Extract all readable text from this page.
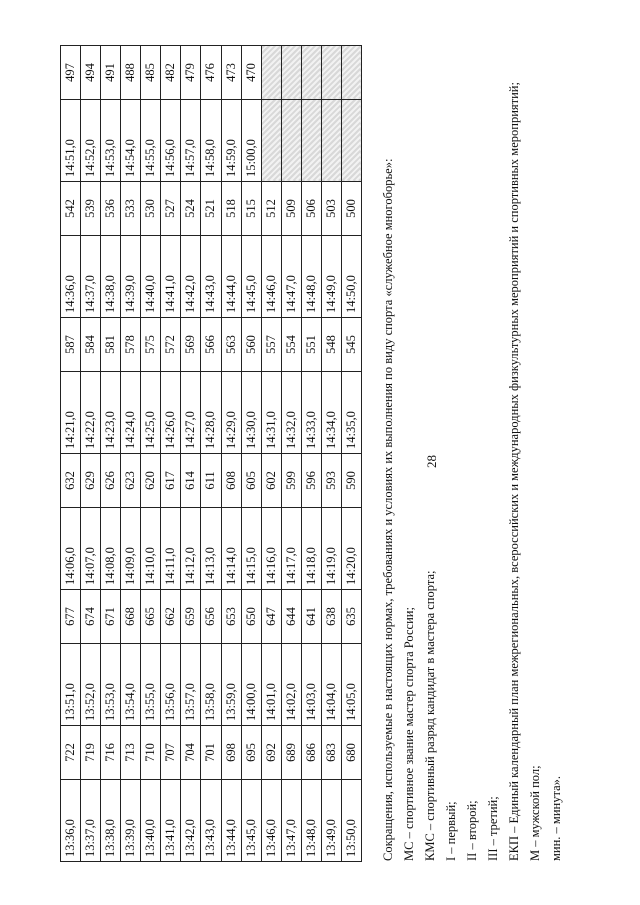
28
13:36,0	722	13:51,0	677	14:06,0	632	14:21,0	587	14:36,0	542	14:51,0	497
13:37,0	719	13:52,0	674	14:07,0	629	14:22,0	584	14:37,0	539	14:52,0	494
13:38,0	716	13:53,0	671	14:08,0	626	14:23,0	581	14:38,0	536	14:53,0	491
13:39,0	713	13:54,0	668	14:09,0	623	14:24,0	578	14:39,0	533	14:54,0	488
13:40,0	710	13:55,0	665	14:10,0	620	14:25,0	575	14:40,0	530	14:55,0	485
13:41,0	707	13:56,0	662	14:11,0	617	14:26,0	572	14:41,0	527	14:56,0	482
13:42,0	704	13:57,0	659	14:12,0	614	14:27,0	569	14:42,0	524	14:57,0	479
13:43,0	701	13:58,0	656	14:13,0	611	14:28,0	566	14:43,0	521	14:58,0	476
13:44,0	698	13:59,0	653	14:14,0	608	14:29,0	563	14:44,0	518	14:59,0	473
13:45,0	695	14:00,0	650	14:15,0	605	14:30,0	560	14:45,0	515	15:00,0	470
13:46,0	692	14:01,0	647	14:16,0	602	14:31,0	557	14:46,0	512		
13:47,0	689	14:02,0	644	14:17,0	599	14:32,0	554	14:47,0	509		
13:48,0	686	14:03,0	641	14:18,0	596	14:33,0	551	14:48,0	506		
13:49,0	683	14:04,0	638	14:19,0	593	14:34,0	548	14:49,0	503		
13:50,0	680	14:05,0	635	14:20,0	590	14:35,0	545	14:50,0	500		Сокращения, используемые в настоящих нормах, требованиях и условиях их выполнения по виду спорта «служебное многоборье»: МС – спортивное звание мастер спорта России; КМС – спортивный разряд кандидат в мастера спорта; I – первый; II – второй; III – третий; ЕКП – Единый календарный план межрегиональных, всероссийских и международных физкультурных мероприятий и спортивных мероприятий; М – мужской пол; мин. – минута».
